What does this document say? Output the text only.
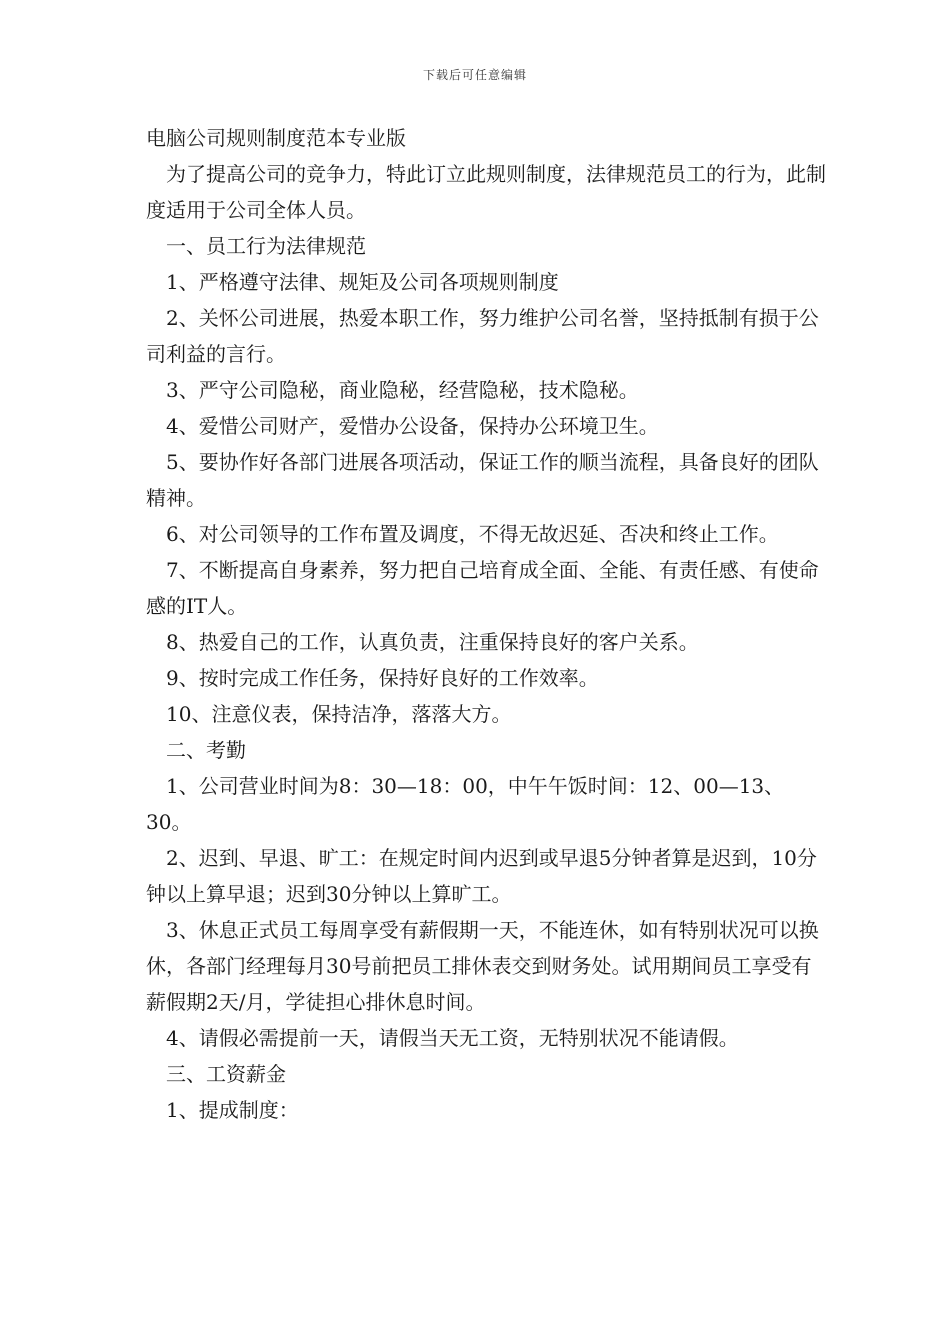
下载后可任意编辑

电脑公司规则制度范本专业版

为了提高公司的竞争力，特此订立此规则制度，法律规范员工的行为，此制度适用于公司全体人员。

一、员工行为法律规范

1、严格遵守法律、规矩及公司各项规则制度

2、关怀公司进展，热爱本职工作，努力维护公司名誉，坚持抵制有损于公司利益的言行。

3、严守公司隐秘，商业隐秘，经营隐秘，技术隐秘。

4、爱惜公司财产，爱惜办公设备，保持办公环境卫生。

5、要协作好各部门进展各项活动，保证工作的顺当流程，具备良好的团队精神。

6、对公司领导的工作布置及调度，不得无故迟延、否决和终止工作。

7、不断提高自身素养，努力把自己培育成全面、全能、有责任感、有使命感的IT人。

8、热爱自己的工作，认真负责，注重保持良好的客户关系。

9、按时完成工作任务，保持好良好的工作效率。

10、注意仪表，保持洁净，落落大方。

二、考勤

1、公司营业时间为8：30—18：00，中午午饭时间：12、00—13、30。

2、迟到、早退、旷工：在规定时间内迟到或早退5分钟者算是迟到，10分钟以上算早退；迟到30分钟以上算旷工。

3、休息正式员工每周享受有薪假期一天，不能连休，如有特别状况可以换休，各部门经理每月30号前把员工排休表交到财务处。试用期间员工享受有薪假期2天/月，学徒担心排休息时间。

4、请假必需提前一天，请假当天无工资，无特别状况不能请假。

三、工资薪金

1、提成制度：
